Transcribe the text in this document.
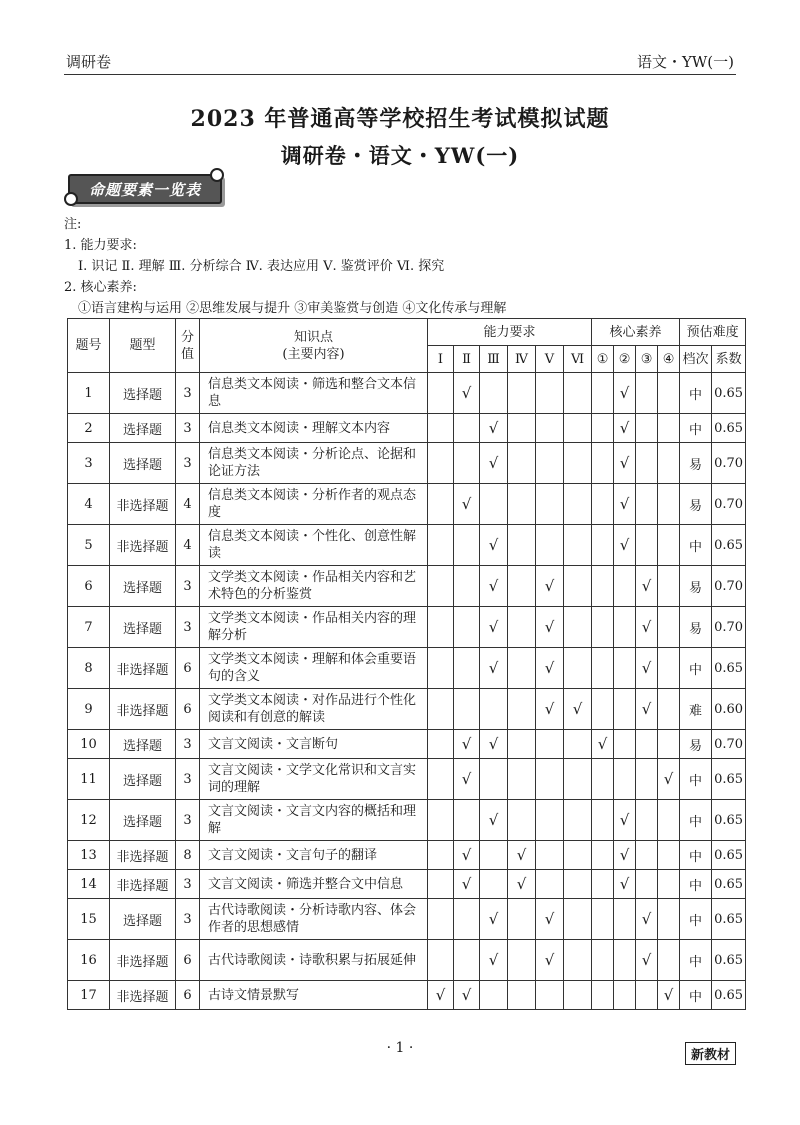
调研卷	语文・YW(一)
2023 年普通高等学校招生考试模拟试题
调研卷・语文・YW(一)
命题要素一览表
注:
1. 能力要求:
Ⅰ. 识记 Ⅱ. 理解 Ⅲ. 分析综合 Ⅳ. 表达应用 Ⅴ. 鉴赏评价 Ⅵ. 探究
2. 核心素养:
①语言建构与运用 ②思维发展与提升 ③审美鉴赏与创造 ④文化传承与理解
题号	题型	分值	知识点
(主要内容)	能力要求						核心素养				预估难度	
				Ⅰ	Ⅱ	Ⅲ	Ⅳ	Ⅴ	Ⅵ	①	②	③	④	档次	系数
1	选择题	3	信息类文本阅读・筛选和整合文本信息		√						√			中	0.65
2	选择题	3	信息类文本阅读・理解文本内容			√					√			中	0.65
3	选择题	3	信息类文本阅读・分析论点、论据和论证方法			√					√			易	0.70
4	非选择题	4	信息类文本阅读・分析作者的观点态度		√						√			易	0.70
5	非选择题	4	信息类文本阅读・个性化、创意性解读			√					√			中	0.65
6	选择题	3	文学类文本阅读・作品相关内容和艺术特色的分析鉴赏			√		√				√		易	0.70
7	选择题	3	文学类文本阅读・作品相关内容的理解分析			√		√				√		易	0.70
8	非选择题	6	文学类文本阅读・理解和体会重要语句的含义			√		√				√		中	0.65
9	非选择题	6	文学类文本阅读・对作品进行个性化阅读和有创意的解读					√	√			√		难	0.60
10	选择题	3	文言文阅读・文言断句		√	√				√				易	0.70
11	选择题	3	文言文阅读・文学文化常识和文言实词的理解		√								√	中	0.65
12	选择题	3	文言文阅读・文言文内容的概括和理解			√					√			中	0.65
13	非选择题	8	文言文阅读・文言句子的翻译		√		√				√			中	0.65
14	非选择题	3	文言文阅读・筛选并整合文中信息		√		√				√			中	0.65
15	选择题	3	古代诗歌阅读・分析诗歌内容、体会作者的思想感情			√		√				√		中	0.65
16	非选择题	6	古代诗歌阅读・诗歌积累与拓展延伸			√		√				√		中	0.65
17	非选择题	6	古诗文情景默写	√	√								√	中	0.65
· 1 ·	新教材
